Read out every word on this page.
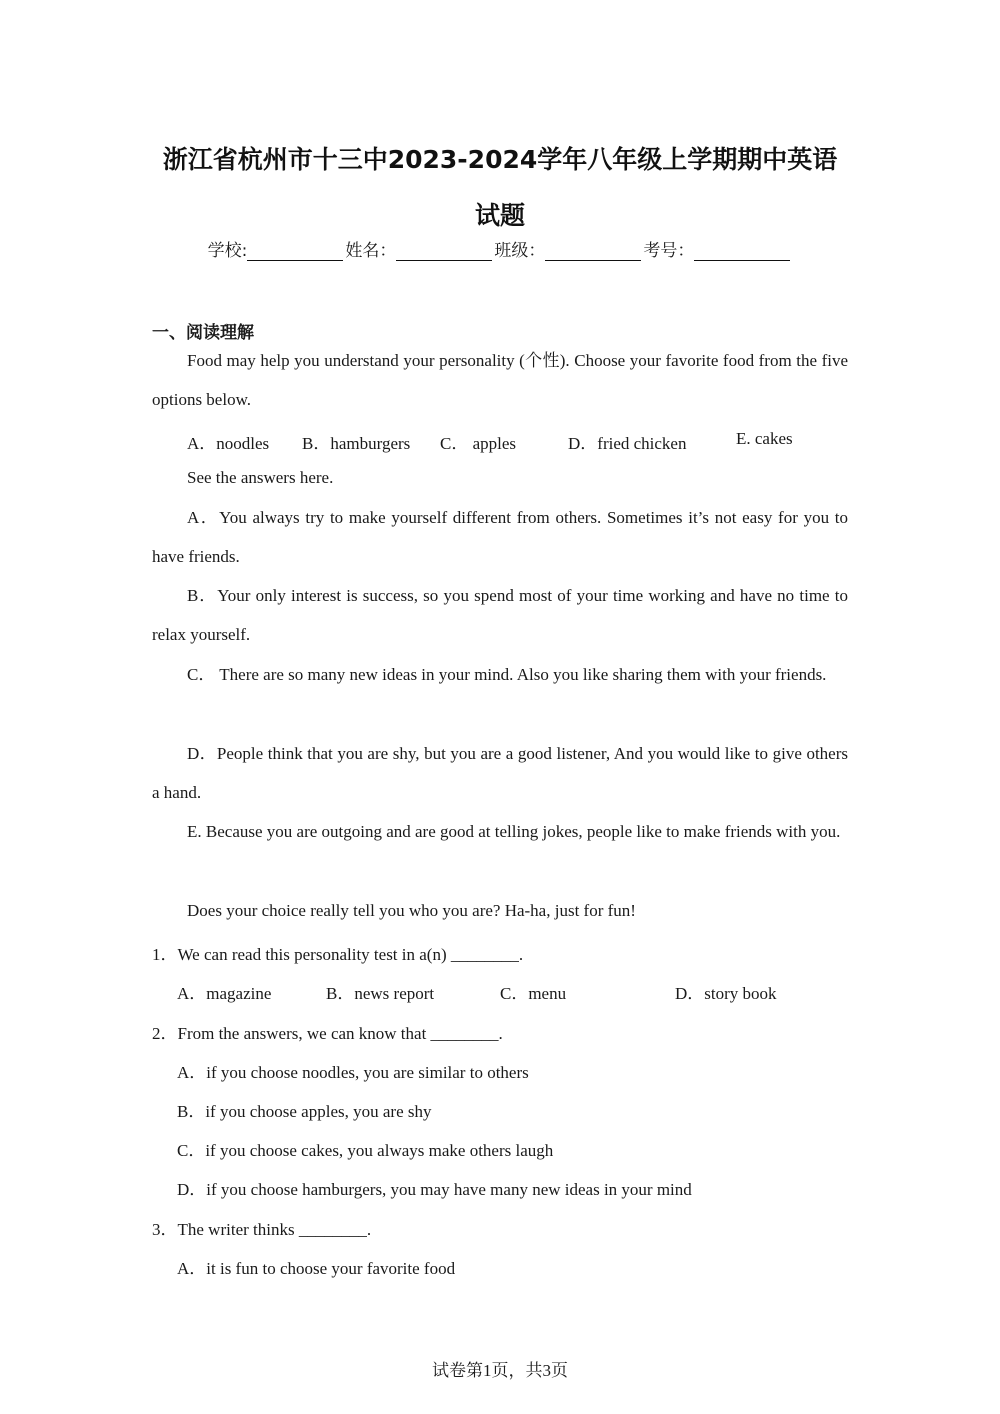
浙江省杭州市十三中2023-2024学年八年级上学期期中英语
试题
学校:	姓名：	班级：	考号：
一、阅读理解
Food may help you understand your personality (个性). Choose your favorite food from the five options below.
A．noodles B．hamburgers C． apples	D．fried chicken	E. cakes
See the answers here.
A．You always try to make yourself different from others. Sometimes it’s not easy for you to have friends.
B．Your only interest is success, so you spend most of your time working and have no time to relax yourself.
C． There are so many new ideas in your mind. Also you like sharing them with your friends.
D．People think that you are shy, but you are a good listener, And you would like to give others a hand.
E. Because you are outgoing and are good at telling jokes, people like to make friends with you.
Does your choice really tell you who you are? Ha-ha, just for fun!
1．We can read this personality test in a(n) ________.
A．magazine	B．news report	C．menu	D．story book
2．From the answers, we can know that ________.
A．if you choose noodles, you are similar to others
B．if you choose apples, you are shy
C．if you choose cakes, you always make others laugh
D．if you choose hamburgers, you may have many new ideas in your mind
3．The writer thinks ________.
A．it is fun to choose your favorite food
试卷第1页，共3页
